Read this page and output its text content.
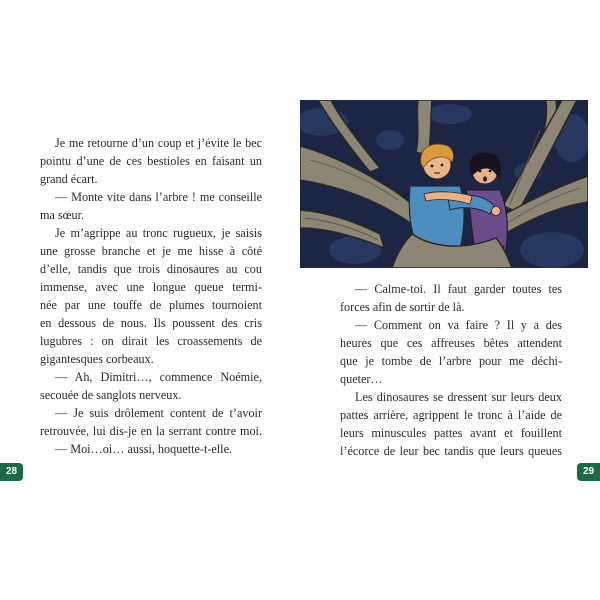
Je me retourne d’un coup et j’évite le bec
pointu d’une de ces bestioles en faisant un
grand écart.
— Monte vite dans l’arbre ! me conseille
ma sœur.
Je m’agrippe au tronc rugueux, je saisis
une grosse branche et je me hisse à côté
d’elle, tandis que trois dinosaures au cou
immense, avec une longue queue termi-
née par une touffe de plumes tournoient
en dessous de nous. Ils poussent des cris
lugubres : on dirait les croassements de
gigantesques corbeaux.
— Ah, Dimitri…, commence Noémie,
secouée de sanglots nerveux.
— Je suis drôlement content de t’avoir
retrouvée, lui dis-je en la serrant contre moi.
— Moi…oi… aussi, hoquette-t-elle.
28
— Calme-toi. Il faut garder toutes tes
forces afin de sortir de là.
— Comment on va faire ? Il y a des
heures que ces affreuses bêtes attendent
que je tombe de l’arbre pour me déchi-
queter…
Les dinosaures se dressent sur leurs deux
pattes arrière, agrippent le tronc à l’aide de
leurs minuscules pattes avant et fouillent
l’écorce de leur bec tandis que leurs queues
29
